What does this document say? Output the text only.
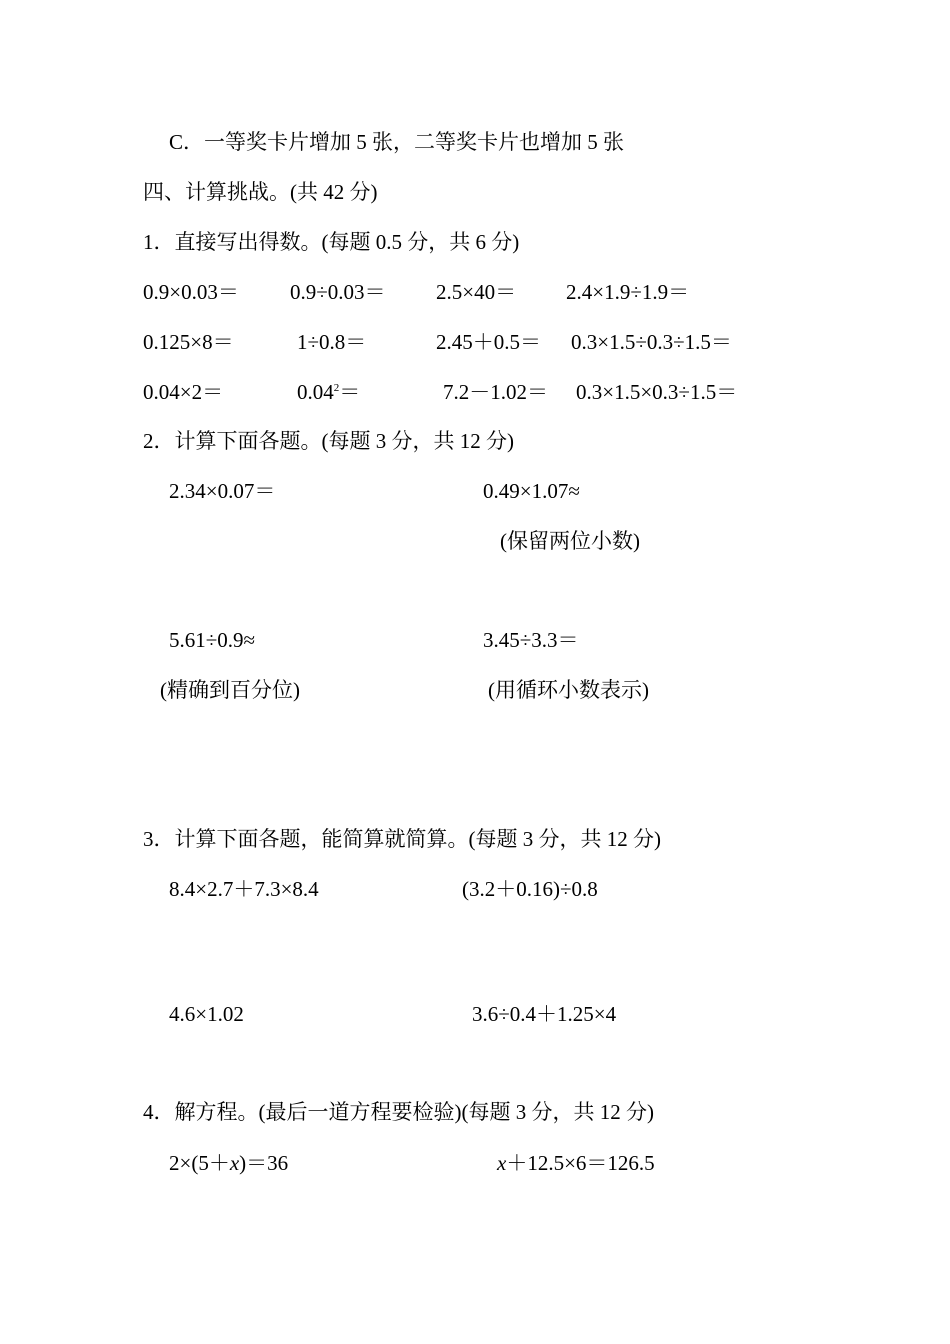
C．一等奖卡片增加 5 张，二等奖卡片也增加 5 张
四、计算挑战。(共 42 分)
1．直接写出得数。(每题 0.5 分，共 6 分)
0.9×0.03＝ 0.9÷0.03＝ 2.5×40＝ 2.4×1.9÷1.9＝
0.125×8＝	1÷0.8＝	2.45＋0.5＝ 0.3×1.5÷0.3÷1.5＝
0.04×2＝	$0.04^2=$	7.2－1.02＝ 0.3×1.5×0.3÷1.5＝
2．计算下面各题。(每题 3 分，共 12 分)
2.34×0.07＝	0.49×1.07≈
(保留两位小数)
5.61÷0.9≈	3.45÷3.3＝
(精确到百分位)	(用循环小数表示)
3．计算下面各题，能简算就简算。(每题 3 分，共 12 分)
8.4×2.7＋7.3×8.4	(3.2＋0.16)÷0.8
4.6×1.02	3.6÷0.4＋1.25×4
4．解方程。(最后一道方程要检验)(每题 3 分，共 12 分)
2×(5＋x)＝36	x＋12.5×6＝126.5
